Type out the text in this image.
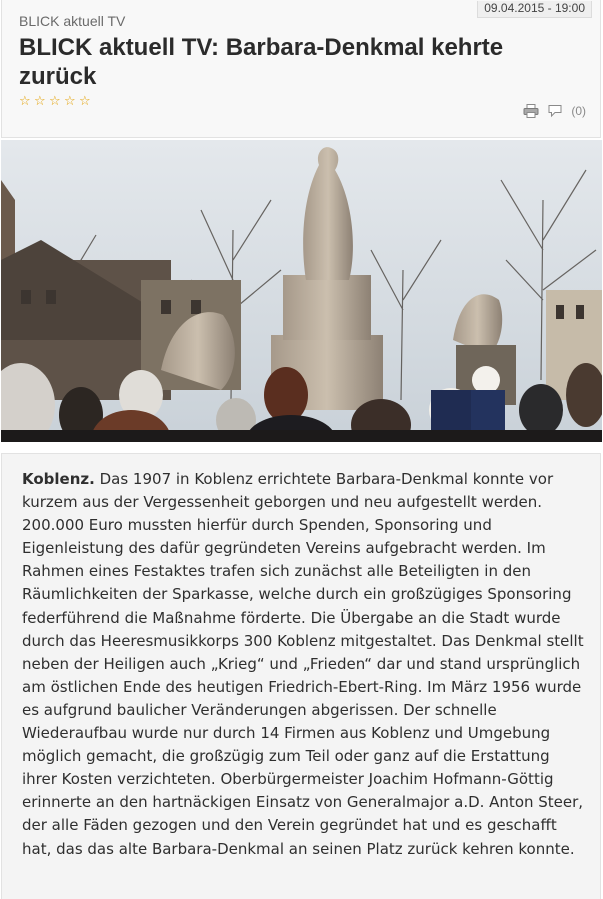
BLICK aktuell TV
09.04.2015 - 19:00
BLICK aktuell TV: Barbara-Denkmal kehrte zurück
☆ ☆ ☆ ☆ ☆
(0)

Koblenz. Das 1907 in Koblenz errichtete Barbara-Denkmal konnte vor kurzem aus der Vergessenheit geborgen und neu aufgestellt werden. 200.000 Euro mussten hierfür durch Spenden, Sponsoring und Eigenleistung des dafür gegründeten Vereins aufgebracht werden. Im Rahmen eines Festaktes trafen sich zunächst alle Beteiligten in den Räumlichkeiten der Sparkasse, welche durch ein großzügiges Sponsoring federführend die Maßnahme förderte. Die Übergabe an die Stadt wurde durch das Heeresmusikkorps 300 Koblenz mitgestaltet. Das Denkmal stellt neben der Heiligen auch „Krieg“ und „Frieden“ dar und stand ursprünglich am östlichen Ende des heutigen Friedrich-Ebert-Ring. Im März 1956 wurde es aufgrund baulicher Veränderungen abgerissen. Der schnelle Wiederaufbau wurde nur durch 14 Firmen aus Koblenz und Umgebung möglich gemacht, die großzügig zum Teil oder ganz auf die Erstattung ihrer Kosten verzichteten. Oberbürgermeister Joachim Hofmann-Göttig erinnerte an den hartnäckigen Einsatz von Generalmajor a.D. Anton Steer, der alle Fäden gezogen und den Verein gegründet hat und es geschafft hat, das das alte Barbara-Denkmal an seinen Platz zurück kehren konnte.
